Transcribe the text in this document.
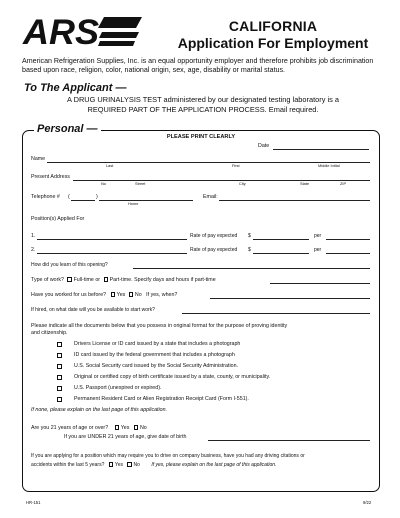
ARS	CALIFORNIA
Application For Employment
American Refrigeration Supplies, Inc. is an equal opportunity employer and therefore prohibits job discrimination based upon race, religion, color, national origin, sex, age, disability or marital status.
To The Applicant —
A DRUG URINALYSIS TEST administered by our designated testing laboratory is a
REQUIRED PART OF THE APPLICATION PROCESS. Email required.
Personal —
PLEASE PRINT CLEARLY
Date
Name
Last	First	Middle Initial
Present Address
No	Street	City	State	ZIP
Telephone # (	)
Home
Email:
Position(s) Applied For
1.	Rate of pay expected $	per
2.	Rate of pay expected $	per
How did you learn of this opening?
Type of work? Full-time or Part-time. Specify days and hours if part-time
Have you worked for us before? Yes No If yes, when?
If hired, on what date will you be available to start work?
Please indicate all the documents below that you possess in original format for the purpose of proving identity
and citizenship.
Drivers License or ID card issued by a state that includes a photograph
ID card issued by the federal government that includes a photograph
U.S. Social Security card issued by the Social Security Administration.
Original or certified copy of birth certificate issued by a state, county, or municipality.
U.S. Passport (unexpired or expired).
Permanent Resident Card or Alien Registration Receipt Card (Form I-551).
If none, please explain on the last page of this application.
Are you 21 years of age or over? Yes No
If you are UNDER 21 years of age, give date of birth
If you are applying for a position which may require you to drive on company business, have you had any driving citations or
accidents within the last 5 years? Yes No If yes, please explain on the last page of this application.
HR-151	9/22
